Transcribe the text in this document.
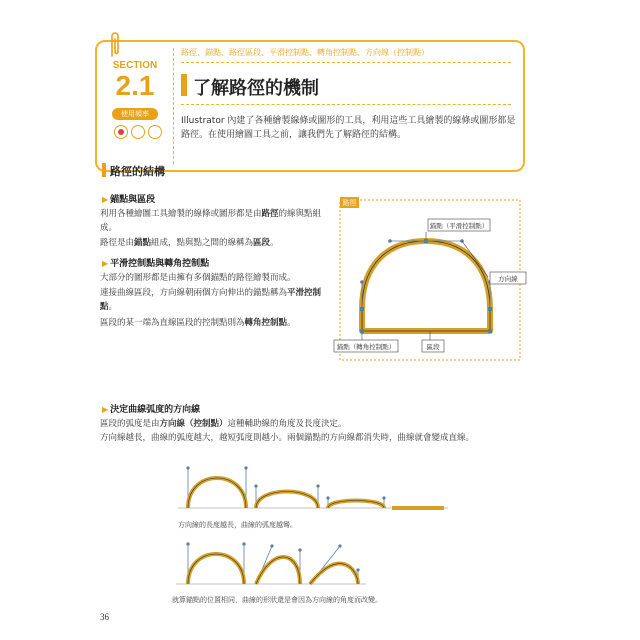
SECTION
2.1
使用頻率
路徑、錨點、路徑區段、平滑控制點、轉角控制點、方向線（控制點）
了解路徑的機制
Illustrator 內建了各種繪製線條或圖形的工具，利用這些工具繪製的線條或圖形都是路徑。在使用繪圖工具之前，讓我們先了解路徑的結構。
路徑的結構
▶ 錨點與區段
利用各種繪圖工具繪製的線條或圖形都是由路徑的線與點組成。
路徑是由錨點組成，點與點之間的線稱為區段。
▶ 平滑控制點與轉角控制點
大部分的圖形都是由擁有多個錨點的路徑繪製而成。
連接曲線區段，方向線朝兩個方向伸出的錨點稱為平滑控制點。
區段的某一端為直線區段的控制點則為轉角控制點。
路徑
錨點（平滑控制點）
方向線
錨點（轉角控制點）	區段
▶ 決定曲線弧度的方向線
區段的弧度是由方向線（控制點）這種輔助線的角度及長度決定。
方向線越長，曲線的弧度越大，越短弧度則越小。兩個錨點的方向線都消失時，曲線就會變成直線。
方向線的長度越長，曲線的弧度越彎。
就算錨點的位置相同，曲線的形狀還是會因為方向線的角度而改變。
36
